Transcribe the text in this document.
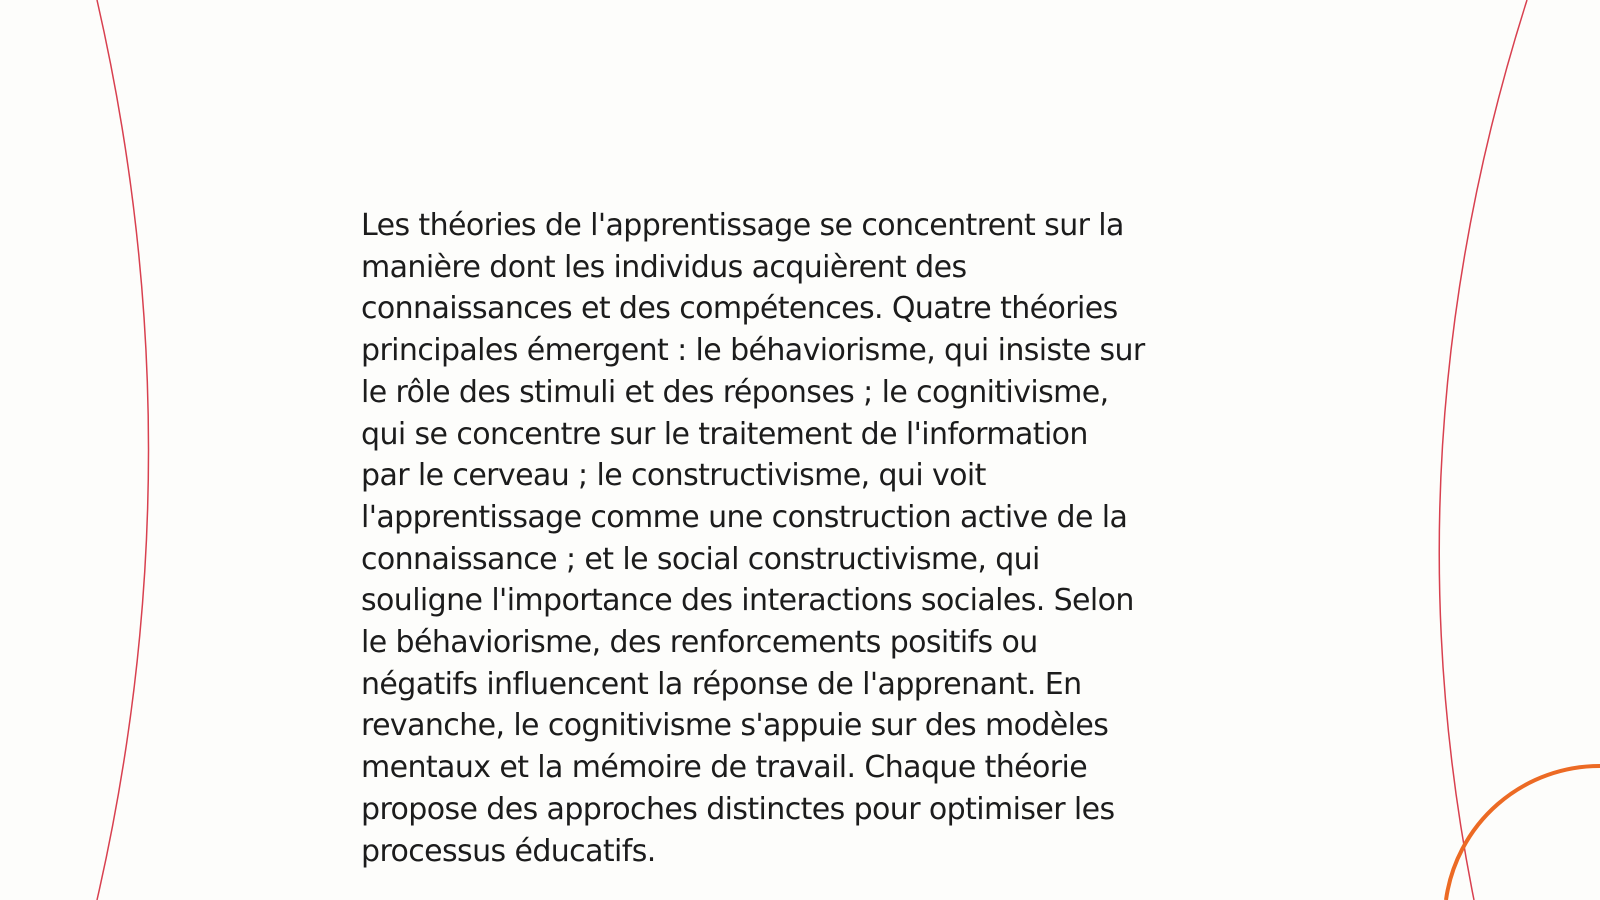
Les théories de l'apprentissage se concentrent sur la
manière dont les individus acquièrent des
connaissances et des compétences. Quatre théories
principales émergent : le béhaviorisme, qui insiste sur
le rôle des stimuli et des réponses ; le cognitivisme,
qui se concentre sur le traitement de l'information
par le cerveau ; le constructivisme, qui voit
l'apprentissage comme une construction active de la
connaissance ; et le social constructivisme, qui
souligne l'importance des interactions sociales. Selon
le béhaviorisme, des renforcements positifs ou
négatifs influencent la réponse de l'apprenant. En
revanche, le cognitivisme s'appuie sur des modèles
mentaux et la mémoire de travail. Chaque théorie
propose des approches distinctes pour optimiser les
processus éducatifs.
